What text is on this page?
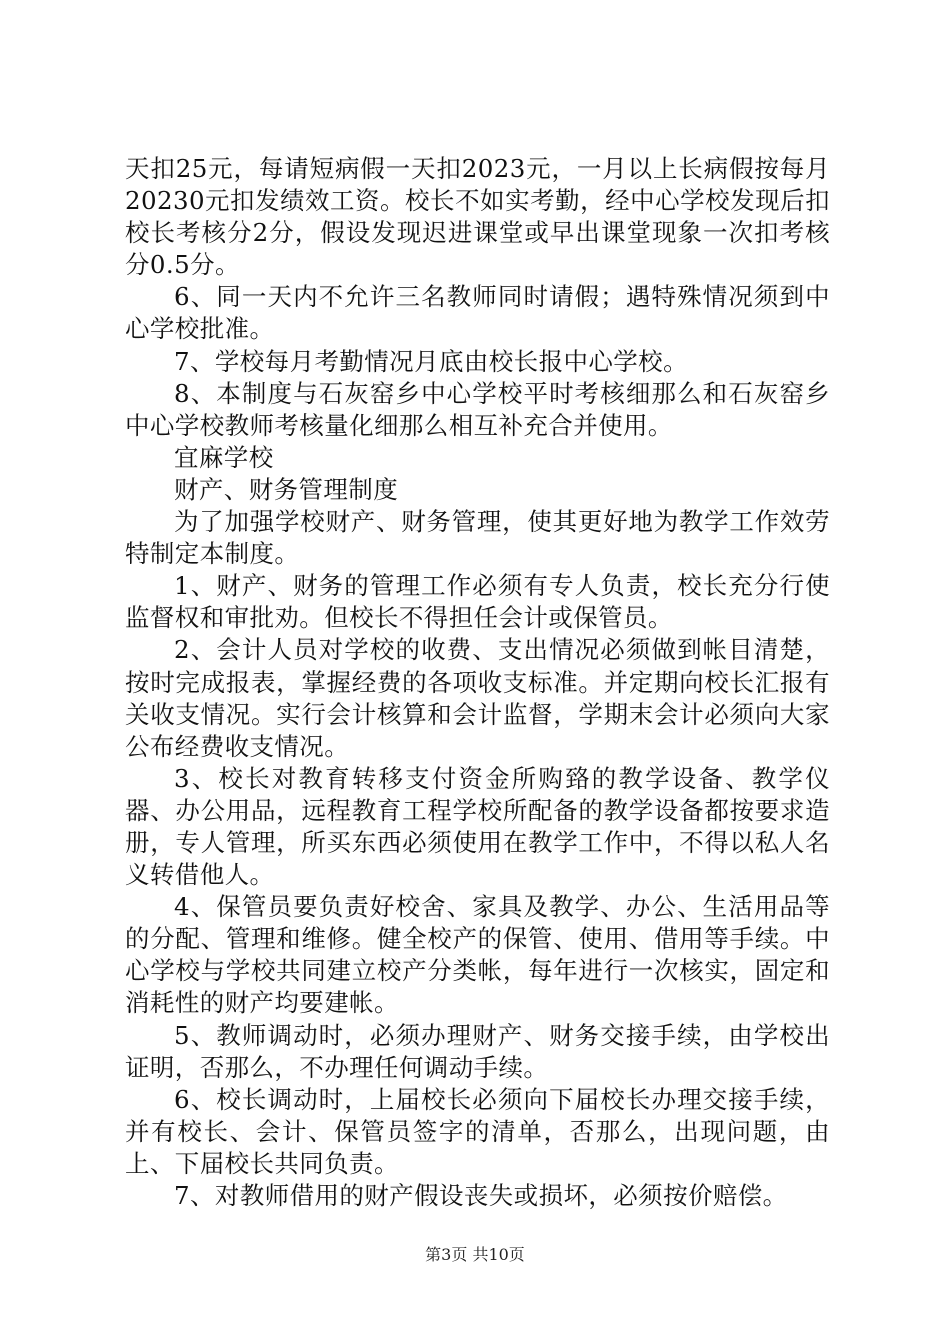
天扣25元，每请短病假一天扣2023元，一月以上长病假按每月20230元扣发绩效工资。校长不如实考勤，经中心学校发现后扣校长考核分2分，假设发现迟进课堂或早出课堂现象一次扣考核分0.5分。

6、同一天内不允许三名教师同时请假；遇特殊情况须到中心学校批准。

7、学校每月考勤情况月底由校长报中心学校。

8、本制度与石灰窑乡中心学校平时考核细那么和石灰窑乡中心学校教师考核量化细那么相互补充合并使用。

宜麻学校

财产、财务管理制度

为了加强学校财产、财务管理，使其更好地为教学工作效劳特制定本制度。

1、财产、财务的管理工作必须有专人负责，校长充分行使监督权和审批劝。但校长不得担任会计或保管员。

2、会计人员对学校的收费、支出情况必须做到帐目清楚，按时完成报表，掌握经费的各项收支标准。并定期向校长汇报有关收支情况。实行会计核算和会计监督，学期末会计必须向大家公布经费收支情况。

3、校长对教育转移支付资金所购臵的教学设备、教学仪器、办公用品，远程教育工程学校所配备的教学设备都按要求造册，专人管理，所买东西必须使用在教学工作中，不得以私人名义转借他人。

4、保管员要负责好校舍、家具及教学、办公、生活用品等的分配、管理和维修。健全校产的保管、使用、借用等手续。中心学校与学校共同建立校产分类帐，每年进行一次核实，固定和消耗性的财产均要建帐。

5、教师调动时，必须办理财产、财务交接手续，由学校出证明，否那么，不办理任何调动手续。

6、校长调动时，上届校长必须向下届校长办理交接手续，并有校长、会计、保管员签字的清单，否那么，出现问题，由上、下届校长共同负责。

7、对教师借用的财产假设丧失或损坏，必须按价赔偿。

第3页 共10页
